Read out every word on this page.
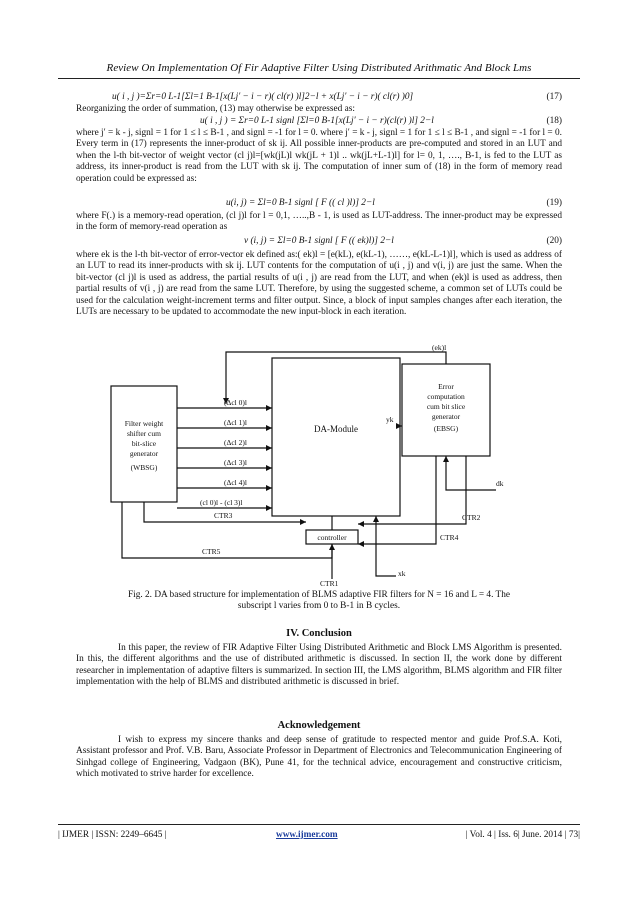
Review On Implementation Of Fir Adaptive Filter Using Distributed Arithmatic And Block Lms
u( i , j )=Σr=0 L-1[Σl=1 B-1[x(Lj′ − i − r)( cl(r) )l]2−l + x(Lj′ − i − r)( cl(r) )0]	(17)
Reorganizing the order of summation, (13) may otherwise be expressed as:
u( i , j ) = Σr=0 L-1 signl [Σl=0 B-1[x(Lj′ − i − r)(cl(r) )l] 2−l	(18)
where j′ = k - j, signl = 1 for 1 ≤ l ≤ B-1 , and signl = -1 for l = 0. where j′ = k - j, signl = 1 for 1 ≤ l ≤ B-1 , and signl = -1 for l = 0. Every term in (17) represents the inner-product of sk ij. All possible inner-products are pre-computed and stored in an LUT and when the l-th bit-vector of weight vector (cl j)l=[wk(jL)l wk(jL + 1)l .. wk(jL+L-1)l] for l= 0, 1, …., B-1, is fed to the LUT as address, its inner-product is read from the LUT with sk ij. The computation of inner sum of (18) in the form of memory read operation could be expressed as:
u(i, j) = Σl=0 B-1 signl [ F (( cl )l)] 2−l	(19)
where F(.) is a memory-read operation, (cl j)l for l = 0,1, …..,B - 1, is used as LUT-address. The inner-product may be expressed in the form of memory-read operation as
v (i, j) = Σl=0 B-1 signl [ F (( ek)l)] 2−l	(20)
where ek is the l-th bit-vector of error-vector ek defined as:( ek)l = [e(kL), e(kL-1), ……, e(kL-L-1)l], which is used as address of an LUT to read its inner-products with sk ij. LUT contents for the computation of u(i , j) and v(i, j) are just the same. When the bit-vector (cl j)l is used as address, the partial results of u(i , j) are read from the LUT, and when (ek)l is used as address, then partial results of v(i , j) are read from the same LUT. Therefore, by using the suggested scheme, a common set of LUTs could be used for the calculation weight-increment terms and filter output. Since, a block of input samples changes after each iteration, the LUTs are necessary to be updated to accommodate the new input-block in each iteration.
Filter weight
shifter cum
bit-slice
generator
(WBSG)
DA-Module
Error
computation
cum bit slice
generator
(EBSG)
controller
(Δcl 0)l
(Δcl 1)l
(Δcl 2)l
(Δcl 3)l
(Δcl 4)l
(cl 0)l - (cl 3)l
(ek)l
yk
dk
xk
CTR1
CTR2
CTR3
CTR4
CTR5
Fig. 2. DA based structure for implementation of BLMS adaptive FIR filters for N = 16 and L = 4. The
subscript l varies from 0 to B-1 in B cycles.
IV. Conclusion
In this paper, the review of FIR Adaptive Filter Using Distributed Arithmetic and Block LMS Algorithm is presented. In this, the different algorithms and the use of distributed arithmetic is discussed. In section II, the work done by different researcher in implementation of adaptive filters is summarized. In section III, the LMS algorithm, BLMS algorithm and FIR filter implementation with the help of BLMS and distributed arithmetic is discussed in brief.
Acknowledgement
I wish to express my sincere thanks and deep sense of gratitude to respected mentor and guide Prof.S.A. Koti, Assistant professor and Prof. V.B. Baru, Associate Professor in Department of Electronics and Telecommunication Engineering of Sinhgad college of Engineering, Vadgaon (BK), Pune 41, for the technical advice, encouragement and constructive criticism, which motivated to strive harder for excellence.
| IJMER | ISSN: 2249–6645 |	www.ijmer.com	| Vol. 4 | Iss. 6| June. 2014 | 73|
